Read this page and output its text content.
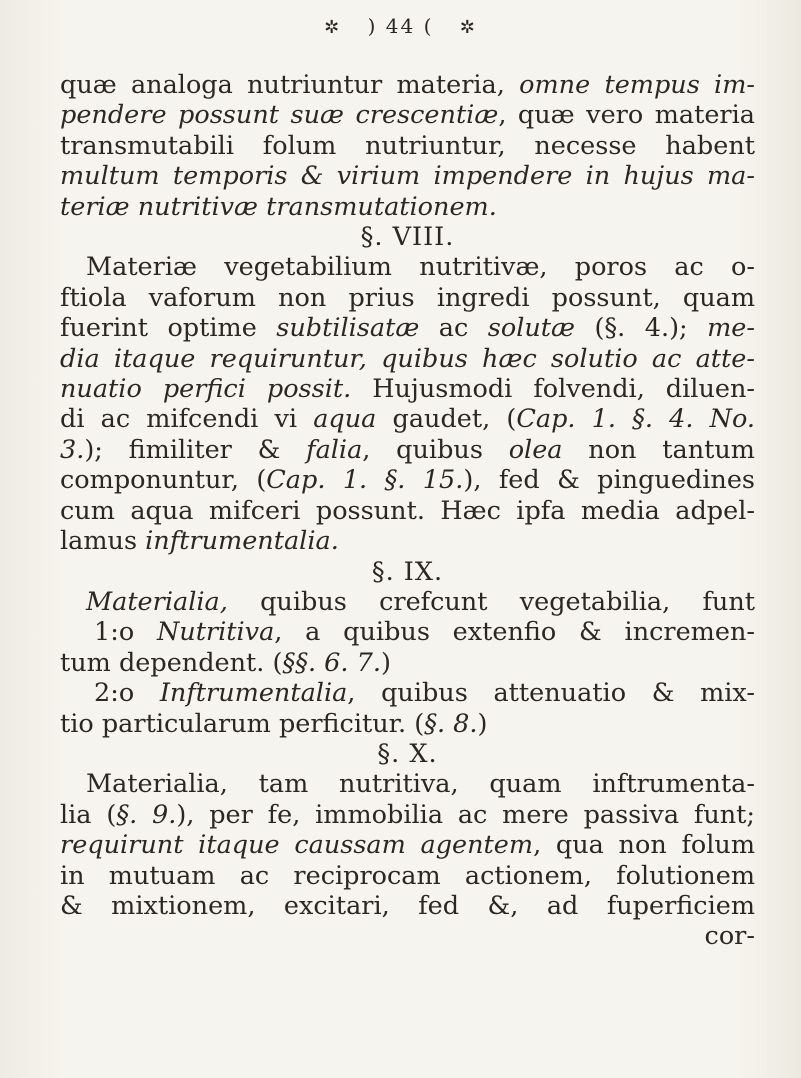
✲ ) 44 ( ✲
quæ analoga nutriuntur materia, omne tempus im-
pendere possunt suæ crescentiæ, quæ vero materia
transmutabili folum nutriuntur, necesse habent
multum temporis & virium impendere in hujus ma-
teriæ nutritivæ transmutationem.
§. VIII.
Materiæ vegetabilium nutritivæ, poros ac o-
ftiola vaforum non prius ingredi possunt, quam
fuerint optime subtilisatæ ac solutæ (§. 4.); me-
dia itaque requiruntur, quibus hæc solutio ac atte-
nuatio perfici possit. Hujusmodi folvendi, diluen-
di ac mifcendi vi aqua gaudet, (Cap. 1. §. 4. No.
3.); fimiliter & falia, quibus olea non tantum
componuntur, (Cap. 1. §. 15.), fed & pinguedines
cum aqua mifceri possunt. Hæc ipfa media adpel-
lamus inftrumentalia.
§. IX.
Materialia, quibus crefcunt vegetabilia, funt
1:o Nutritiva, a quibus extenfio & incremen-
tum dependent. (§§. 6. 7.)
2:o Inftrumentalia, quibus attenuatio & mix-
tio particularum perficitur. (§. 8.)
§. X.
Materialia, tam nutritiva, quam inftrumenta-
lia (§. 9.), per fe, immobilia ac mere passiva funt;
requirunt itaque caussam agentem, qua non folum
in mutuam ac reciprocam actionem, folutionem
& mixtionem, excitari, fed &, ad fuperficiem
cor-
